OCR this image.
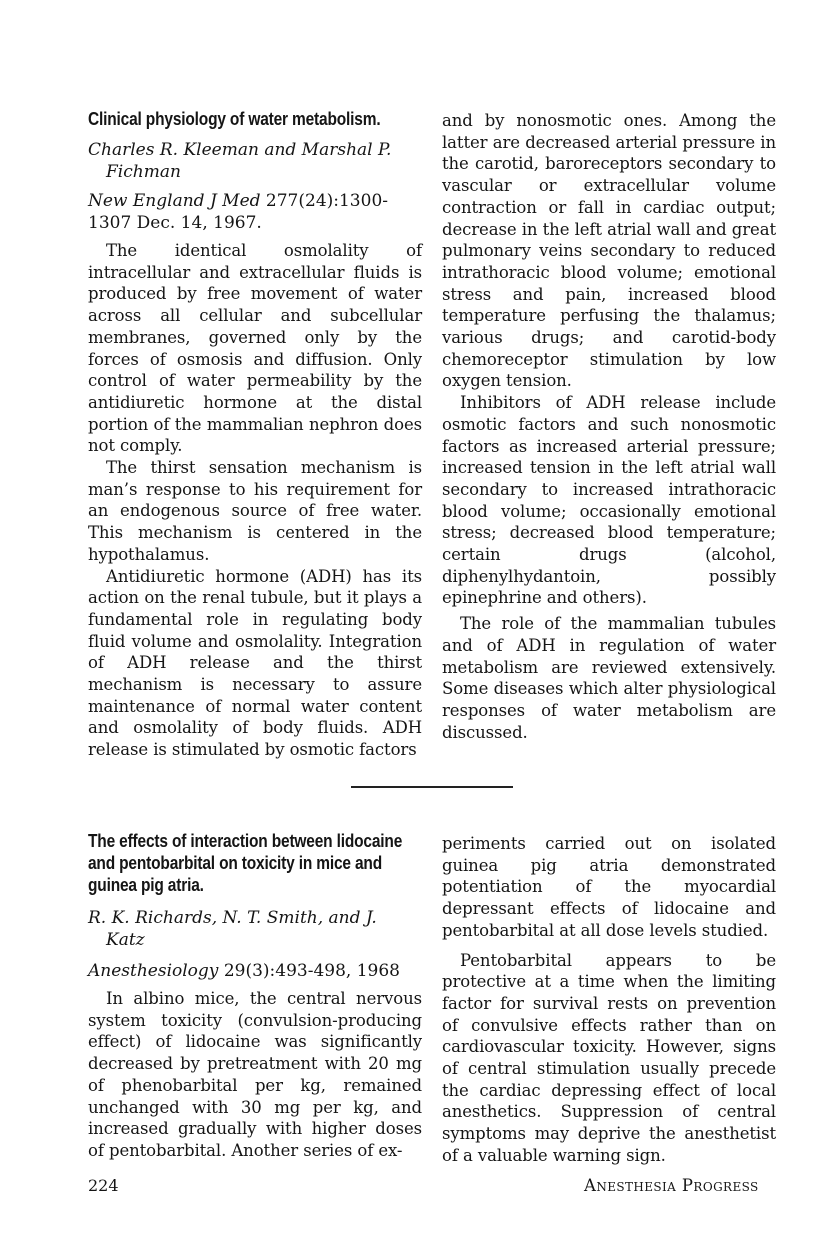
Clinical physiology of water metabolism.
Charles R. Kleeman and Marshal P.
Fichman
New England J Med 277(24):1300-1307 Dec. 14, 1967.

The identical osmolality of intracellular and extracellular fluids is produced by free movement of water across all cellular and subcellular membranes, governed only by the forces of osmosis and diffusion. Only control of water permeability by the antidiuretic hormone at the distal portion of the mammalian nephron does not comply.

The thirst sensation mechanism is man’s response to his requirement for an endogenous source of free water. This mechanism is centered in the hypothalamus.

Antidiuretic hormone (ADH) has its action on the renal tubule, but it plays a fundamental role in regulating body fluid volume and osmolality. Integration of ADH release and the thirst mechanism is necessary to assure maintenance of normal water content and osmolality of body fluids. ADH release is stimulated by osmotic factors

and by nonosmotic ones. Among the latter are decreased arterial pressure in the carotid, baroreceptors secondary to vascular or extracellular volume contraction or fall in cardiac output; decrease in the left atrial wall and great pulmonary veins secondary to reduced intrathoracic blood volume; emotional stress and pain, increased blood temperature perfusing the thalamus; various drugs; and carotid-body chemoreceptor stimulation by low oxygen tension.

Inhibitors of ADH release include osmotic factors and such nonosmotic factors as increased arterial pressure; increased tension in the left atrial wall secondary to increased intrathoracic blood volume; occasionally emotional stress; decreased blood temperature; certain drugs (alcohol, diphenylhydantoin, possibly epinephrine and others).

The role of the mammalian tubules and of ADH in regulation of water metabolism are reviewed extensively. Some diseases which alter physiological responses of water metabolism are discussed.

The effects of interaction between lidocaine and pentobarbital on toxicity in mice and guinea pig atria.
R. K. Richards, N. T. Smith, and J.
Katz
Anesthesiology 29(3):493-498, 1968

In albino mice, the central nervous system toxicity (convulsion-producing effect) of lidocaine was significantly decreased by pretreatment with 20 mg of phenobarbital per kg, remained unchanged with 30 mg per kg, and increased gradually with higher doses of pentobarbital. Another series of ex-

periments carried out on isolated guinea pig atria demonstrated potentiation of the myocardial depressant effects of lidocaine and pentobarbital at all dose levels studied.

Pentobarbital appears to be protective at a time when the limiting factor for survival rests on prevention of convulsive effects rather than on cardiovascular toxicity. However, signs of central stimulation usually precede the cardiac depressing effect of local anesthetics. Suppression of central symptoms may deprive the anesthetist of a valuable warning sign.

224	Anesthesia Progress
